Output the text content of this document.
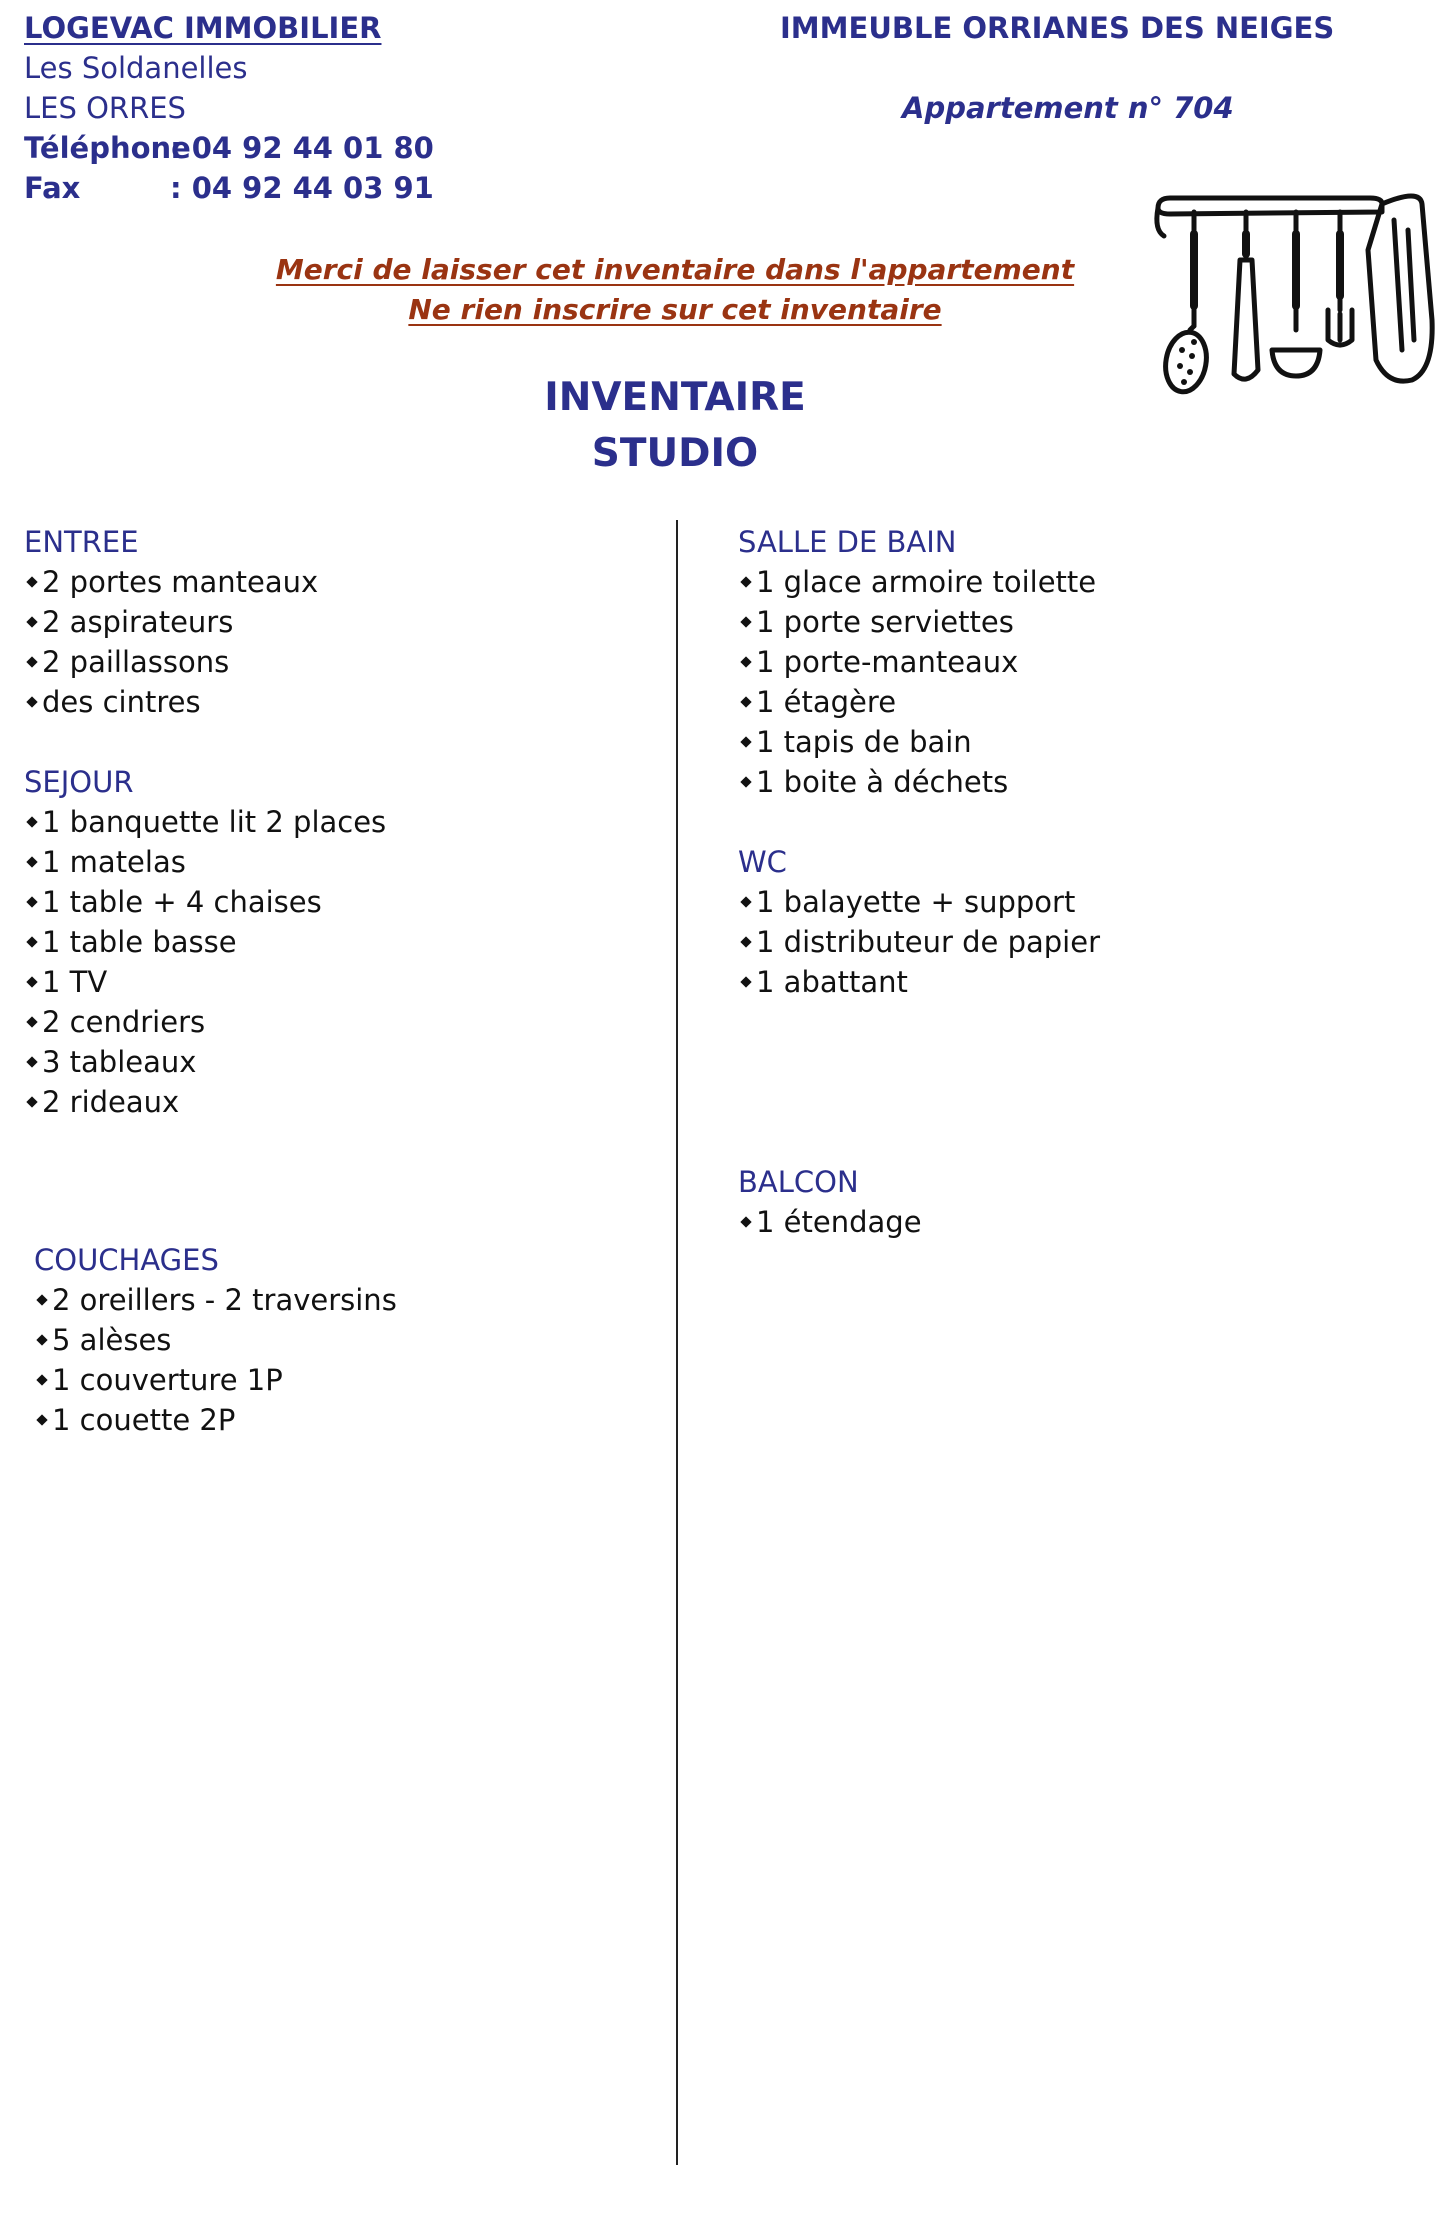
LOGEVAC IMMOBILIER
Les Soldanelles
LES ORRES
Téléphone
: 04 92 44 01 80
Fax	: 04 92 44 03 91
IMMEUBLE ORRIANES DES NEIGES
Appartement n° 704
Merci de laisser cet inventaire dans l'appartement
Ne rien inscrire sur cet inventaire
INVENTAIRE
STUDIO
ENTREE
2 portes manteaux
2 aspirateurs
2 paillassons
des cintres
SEJOUR
1 banquette lit 2 places
1 matelas
1 table + 4 chaises
1 table basse
1 TV
2 cendriers
3 tableaux
2 rideaux
COUCHAGES
2 oreillers - 2 traversins
5 alèses
1 couverture 1P
1 couette 2P
SALLE DE BAIN
1 glace armoire toilette
1 porte serviettes
1 porte-manteaux
1 étagère
1 tapis de bain
1 boite à déchets
WC
1 balayette + support
1 distributeur de papier
1 abattant
BALCON
1 étendage
